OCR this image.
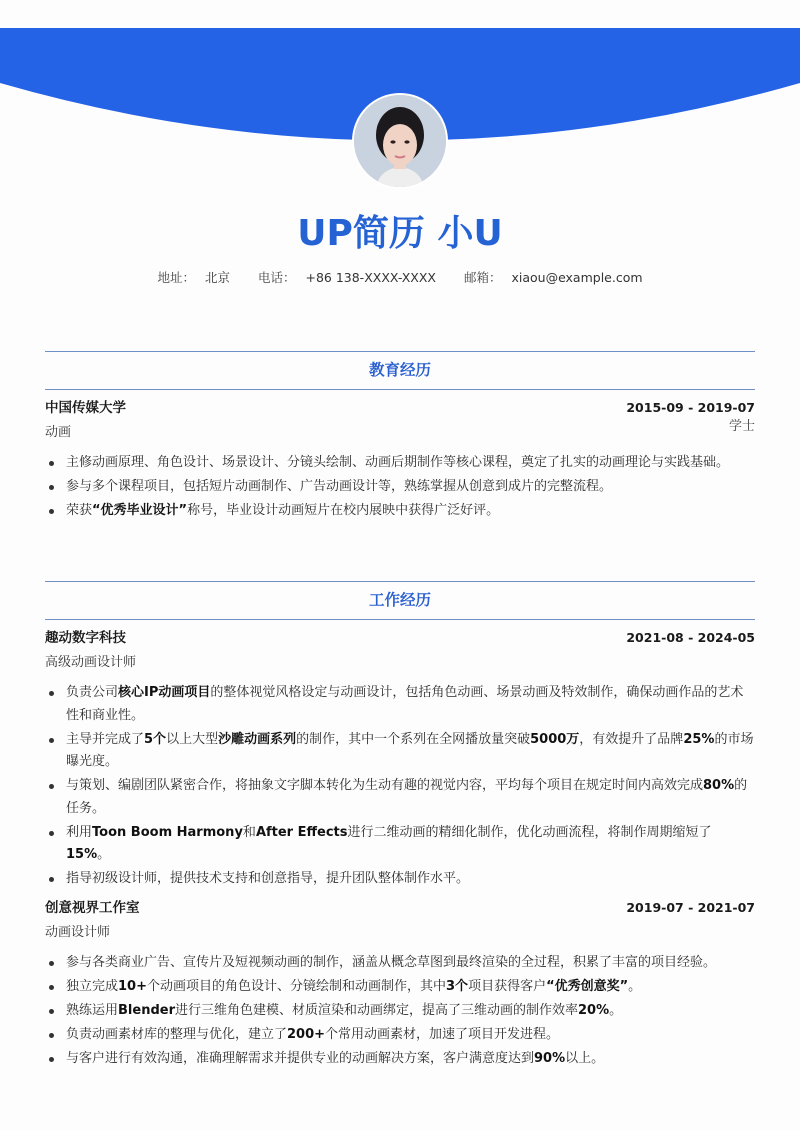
UP简历 小U
地址： 北京 电话： +86 138-XXXX-XXXX 邮箱： xiaou@example.com
教育经历
中国传媒大学	2015-09 - 2019-07
动画	学士
主修动画原理、角色设计、场景设计、分镜头绘制、动画后期制作等核心课程，奠定了扎实的动画理论与实践基础。
参与多个课程项目，包括短片动画制作、广告动画设计等，熟练掌握从创意到成片的完整流程。
荣获“优秀毕业设计”称号，毕业设计动画短片在校内展映中获得广泛好评。
工作经历
趣动数字科技	2021-08 - 2024-05
高级动画设计师
负责公司核心IP动画项目的整体视觉风格设定与动画设计，包括角色动画、场景动画及特效制作，确保动画作品的艺术性和商业性。
主导并完成了5个以上大型沙雕动画系列的制作，其中一个系列在全网播放量突破5000万，有效提升了品牌25%的市场曝光度。
与策划、编剧团队紧密合作，将抽象文字脚本转化为生动有趣的视觉内容，平均每个项目在规定时间内高效完成80%的任务。
利用Toon Boom Harmony和After Effects进行二维动画的精细化制作，优化动画流程，将制作周期缩短了15%。
指导初级设计师，提供技术支持和创意指导，提升团队整体制作水平。
创意视界工作室	2019-07 - 2021-07
动画设计师
参与各类商业广告、宣传片及短视频动画的制作，涵盖从概念草图到最终渲染的全过程，积累了丰富的项目经验。
独立完成10+个动画项目的角色设计、分镜绘制和动画制作，其中3个项目获得客户“优秀创意奖”。
熟练运用Blender进行三维角色建模、材质渲染和动画绑定，提高了三维动画的制作效率20%。
负责动画素材库的整理与优化，建立了200+个常用动画素材，加速了项目开发进程。
与客户进行有效沟通，准确理解需求并提供专业的动画解决方案，客户满意度达到90%以上。
